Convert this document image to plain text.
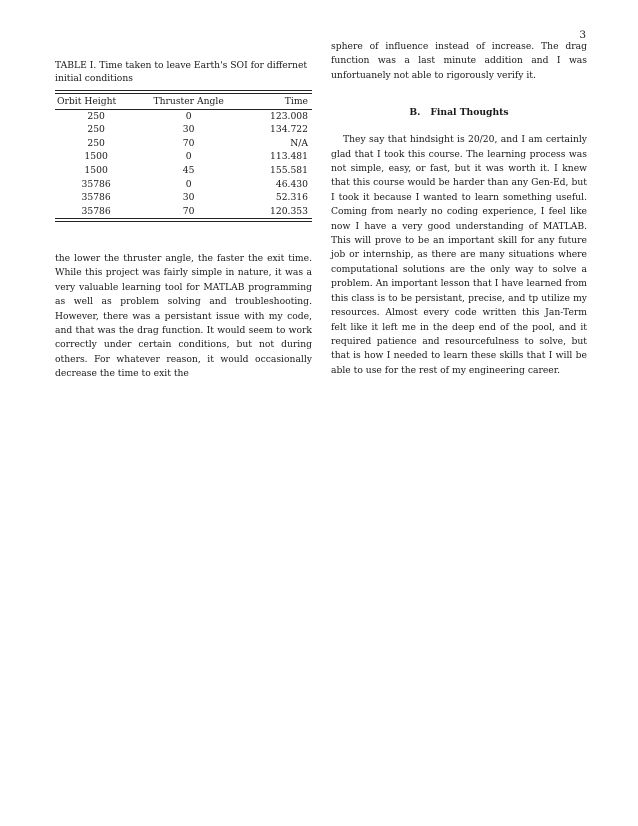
3

TABLE I. Time taken to leave Earth's SOI for differnet initial conditions

Orbit Height	Thruster Angle	Time
250	0	123.008
250	30	134.722
250	70	N/A
1500	0	113.481
1500	45	155.581
35786	0	46.430
35786	30	52.316
35786	70	120.353

the lower the thruster angle, the faster the exit time. While this project was fairly simple in nature, it was a very valuable learning tool for MATLAB programming as well as problem solving and troubleshooting. However, there was a persistant issue with my code, and that was the drag function. It would seem to work correctly under certain conditions, but not during others. For whatever reason, it would occasionally decrease the time to exit the

sphere of influence instead of increase. The drag function was a last minute addition and I was unfortuanely not able to rigorously verify it.

B. Final Thoughts

They say that hindsight is 20/20, and I am certainly glad that I took this course. The learning process was not simple, easy, or fast, but it was worth it. I knew that this course would be harder than any Gen-Ed, but I took it because I wanted to learn something useful. Coming from nearly no coding experience, I feel like now I have a very good understanding of MATLAB. This will prove to be an important skill for any future job or internship, as there are many situations where computational solutions are the only way to solve a problem. An important lesson that I have learned from this class is to be persistant, precise, and tp utilize my resources. Almost every code written this Jan-Term felt like it left me in the deep end of the pool, and it required patience and resourcefulness to solve, but that is how I needed to learn these skills that I will be able to use for the rest of my engineering career.
